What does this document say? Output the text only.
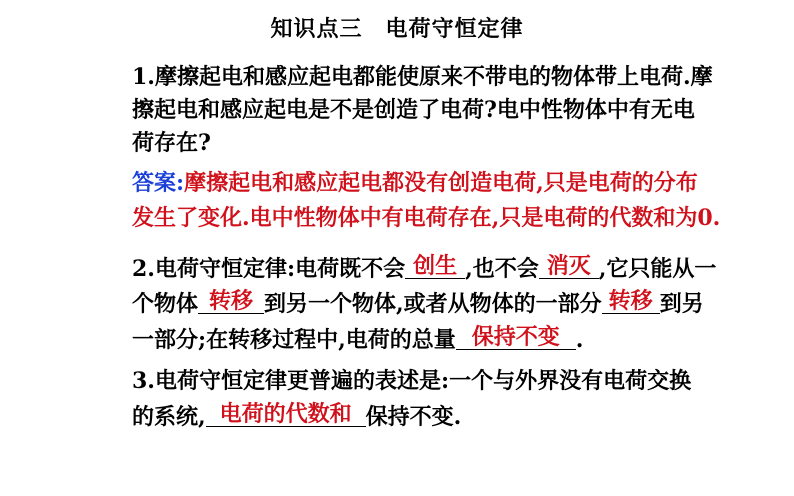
知识点三　电荷守恒定律
1.摩擦起电和感应起电都能使原来不带电的物体带上电荷.摩
擦起电和感应起电是不是创造了电荷?电中性物体中有无电
荷存在?
答案:摩擦起电和感应起电都没有创造电荷,只是电荷的分布
发生了变化.电中性物体中有电荷存在,只是电荷的代数和为0.
2.电荷守恒定律:电荷既不会 创生 ,也不会 消灭 ,它只能从一
个物体 转移 到另一个物体,或者从物体的一部分 转移 到另
一部分;在转移过程中,电荷的总量 保持不变 .
3.电荷守恒定律更普遍的表述是:一个与外界没有电荷交换
的系统, 电荷的代数和 保持不变.
